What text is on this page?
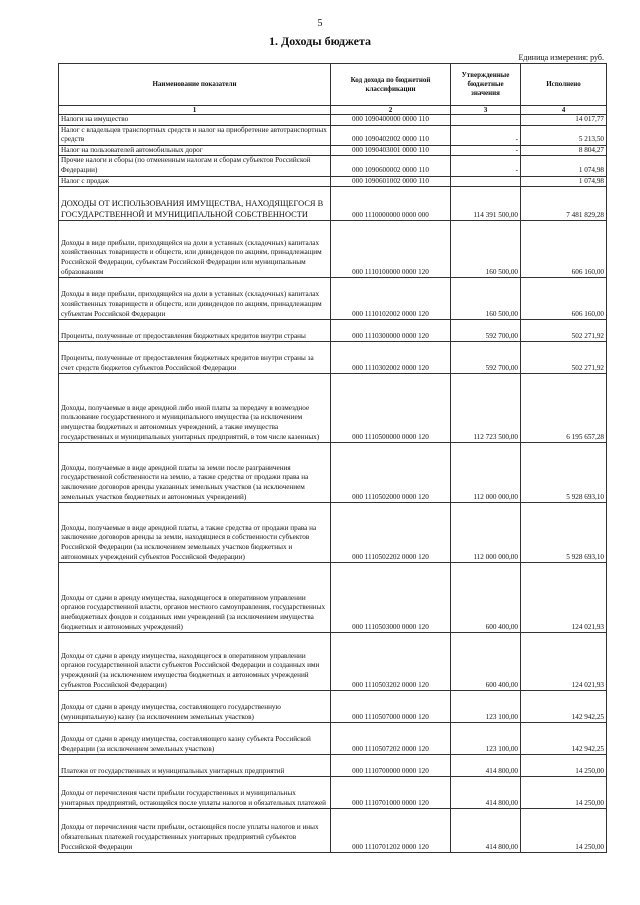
5
1. Доходы бюджета
Единица измерения: руб.
Наименование показатели	Код дохода по бюджетной классификации	Утвержденные бюджетные значения	Исполнено
1	2	3	4
Налоги на имущество	000 1090400000 0000 110		14 017,77
Налог с владельцев транспортных средств и налог на приобретение автотранспортных средств	000 1090402002 0000 110	-	5 213,50
Налог на пользователей автомобильных дорог	000 1090403001 0000 110	-	8 804,27
Прочие налоги и сборы (по отмененным налогам и сборам субъектов Российской Федерации)	000 1090600002 0000 110	-	1 074,98
Налог с продаж	000 1090601002 0000 110		1 074,98
ДОХОДЫ ОТ ИСПОЛЬЗОВАНИЯ ИМУЩЕСТВА, НАХОДЯЩЕГОСЯ В ГОСУДАРСТВЕННОЙ И МУНИЦИПАЛЬНОЙ СОБСТВЕННОСТИ	000 1110000000 0000 000	114 391 500,00	7 481 829,28
Доходы в виде прибыли, приходящейся на доли в уставных (складочных) капиталах хозяйственных товариществ и обществ, или дивидендов по акциям, принадлежащим Российской Федерации, субъектам Российской Федерации или муниципальным образованиям	000 1110100000 0000 120	160 500,00	606 160,00
Доходы в виде прибыли, приходящейся на доли в уставных (складочных) капиталах хозяйственных товариществ и обществ, или дивидендов по акциям, принадлежащим субъектам Российской Федерации	000 1110102002 0000 120	160 500,00	606 160,00
Проценты, полученные от предоставления бюджетных кредитов внутри страны	000 1110300000 0000 120	592 700,00	502 271,92
Проценты, полученные от предоставления бюджетных кредитов внутри страны за счет средств бюджетов субъектов Российской Федерации	000 1110302002 0000 120	592 700,00	502 271,92
Доходы, получаемые в виде арендной либо иной платы за передачу в возмездное пользование государственного и муниципального имущества (за исключением имущества бюджетных и автономных учреждений, а также имущества государственных и муниципальных унитарных предприятий, в том числе казенных)	000 1110500000 0000 120	112 723 500,00	6 195 657,28
Доходы, получаемые в виде арендной платы за земли после разграничения государственной собственности на землю, а также средства от продажи права на заключение договоров аренды указанных земельных участков (за исключением земельных участков бюджетных и автономных учреждений)	000 1110502000 0000 120	112 000 000,00	5 928 693,10
Доходы, получаемые в виде арендной платы, а также средства от продажи права на заключение договоров аренды за земли, находящиеся в собственности субъектов Российской Федерации (за исключением земельных участков бюджетных и автономных учреждений субъектов Российской Федерации)	000 1110502202 0000 120	112 000 000,00	5 928 693,10
Доходы от сдачи в аренду имущества, находящегося в оперативном управлении органов государственной власти, органов местного самоуправления, государственных внебюджетных фондов и созданных ими учреждений (за исключением имущества бюджетных и автономных учреждений)	000 1110503000 0000 120	600 400,00	124 021,93
Доходы от сдачи в аренду имущества, находящегося в оперативном управлении органов государственной власти субъектов Российской Федерации и созданных ими учреждений (за исключением имущества бюджетных и автономных учреждений субъектов Российской Федерации)	000 1110503202 0000 120	600 400,00	124 021,93
Доходы от сдачи в аренду имущества, составляющего государственную (муниципальную) казну (за исключением земельных участков)	000 1110507000 0000 120	123 100,00	142 942,25
Доходы от сдачи в аренду имущества, составляющего казну субъекта Российской Федерации (за исключением земельных участков)	000 1110507202 0000 120	123 100,00	142 942,25
Платежи от государственных и муниципальных унитарных предприятий	000 1110700000 0000 120	414 800,00	14 250,00
Доходы от перечисления части прибыли государственных и муниципальных унитарных предприятий, остающейся после уплаты налогов и обязательных платежей	000 1110701000 0000 120	414 800,00	14 250,00
Доходы от перечисления части прибыли, остающейся после уплаты налогов и иных обязательных платежей государственных унитарных предприятий субъектов Российской Федерации	000 1110701202 0000 120	414 800,00	14 250,00
